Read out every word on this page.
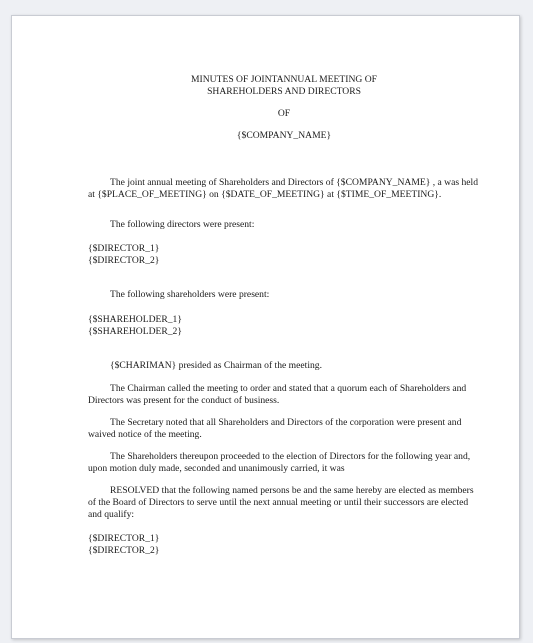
MINUTES OF JOINTANNUAL MEETING OF

SHAREHOLDERS AND DIRECTORS

OF

{$COMPANY_NAME}

The joint annual meeting of Shareholders and Directors of {$COMPANY_NAME} , a was held at {$PLACE_OF_MEETING} on {$DATE_OF_MEETING} at {$TIME_OF_MEETING}.

The following directors were present:

{$DIRECTOR_1}

{$DIRECTOR_2}

The following shareholders were present:

{$SHAREHOLDER_1}

{$SHAREHOLDER_2}

{$CHARIMAN} presided as Chairman of the meeting.

The Chairman called the meeting to order and stated that a quorum each of Shareholders and Directors was present for the conduct of business.

The Secretary noted that all Shareholders and Directors of the corporation were present and waived notice of the meeting.

The Shareholders thereupon proceeded to the election of Directors for the following year and, upon motion duly made, seconded and unanimously carried, it was

RESOLVED that the following named persons be and the same hereby are elected as members of the Board of Directors to serve until the next annual meeting or until their successors are elected and qualify:

{$DIRECTOR_1}

{$DIRECTOR_2}
